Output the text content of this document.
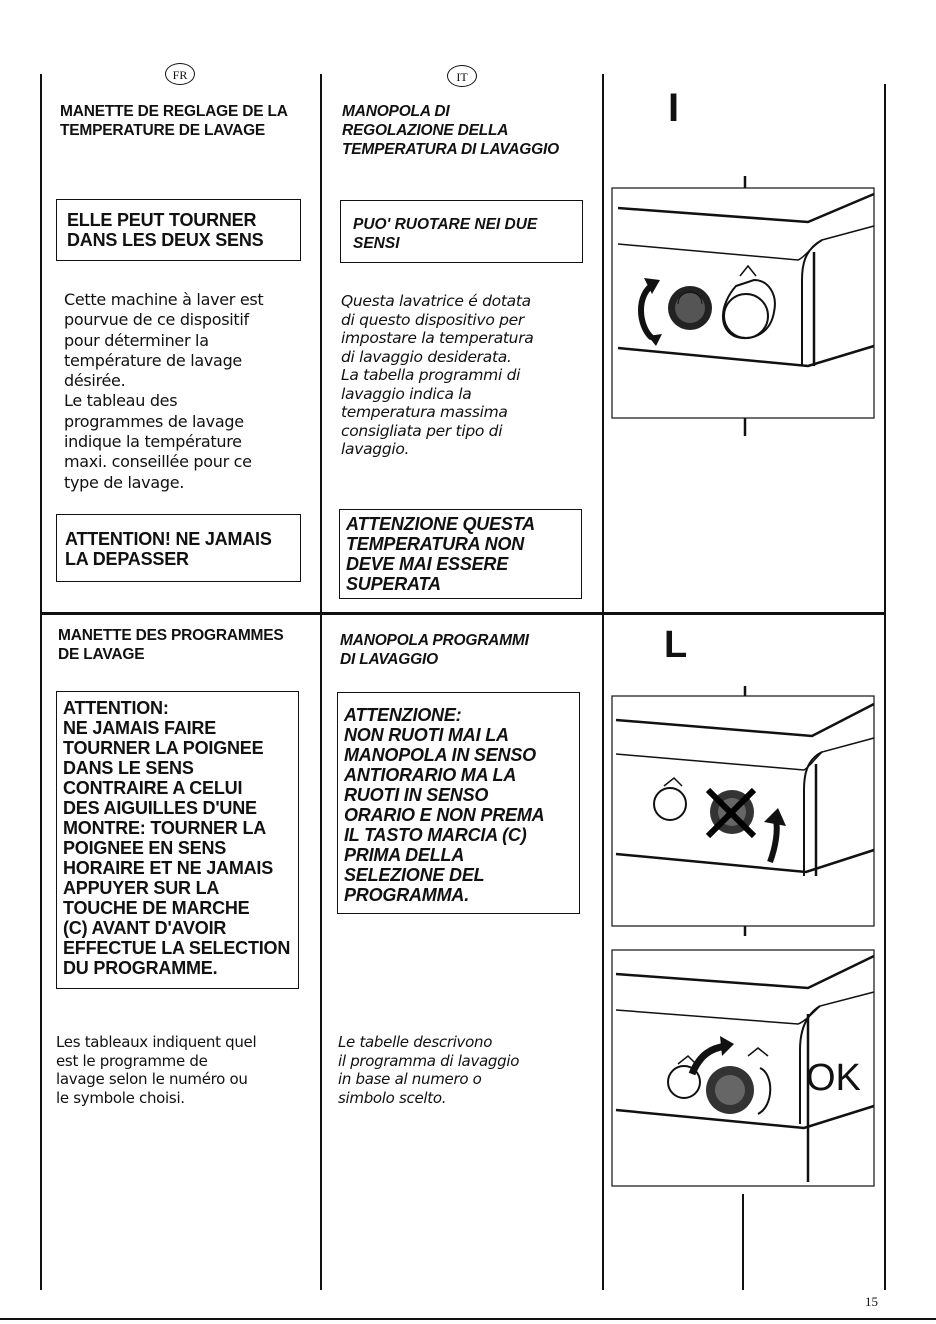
FR	IT
MANETTE DE REGLAGE DE LA
TEMPERATURE DE LAVAGE
ELLE PEUT TOURNER
DANS LES DEUX SENS
Cette machine à laver est
pourvue de ce dispositif
pour déterminer la
température de lavage
désirée.
Le tableau des
programmes de lavage
indique la température
maxi. conseillée pour ce
type de lavage.
ATTENTION! NE JAMAIS
LA DEPASSER
MANOPOLA DI
REGOLAZIONE DELLA
TEMPERATURA DI LAVAGGIO
PUO' RUOTARE NEI DUE
SENSI
Questa lavatrice é dotata
di questo dispositivo per
impostare la temperatura
di lavaggio desiderata.
La tabella programmi di
lavaggio indica la
temperatura massima
consigliata per tipo di
lavaggio.
ATTENZIONE QUESTA
TEMPERATURA NON
DEVE MAI ESSERE
SUPERATA
MANETTE DES PROGRAMMES
DE LAVAGE
ATTENTION:
NE JAMAIS FAIRE
TOURNER LA POIGNEE
DANS LE SENS
CONTRAIRE A CELUI
DES AIGUILLES D'UNE
MONTRE: TOURNER LA
POIGNEE EN SENS
HORAIRE ET NE JAMAIS
APPUYER SUR LA
TOUCHE DE MARCHE
(C) AVANT D'AVOIR
EFFECTUE LA SELECTION
DU PROGRAMME.
Les tableaux indiquent quel
est le programme de
lavage selon le numéro ou
le symbole choisi.
MANOPOLA PROGRAMMI
DI LAVAGGIO
ATTENZIONE:
NON RUOTI MAI LA
MANOPOLA IN SENSO
ANTIORARIO MA LA
RUOTI IN SENSO
ORARIO E NON PREMA
IL TASTO MARCIA (C)
PRIMA DELLA
SELEZIONE DEL
PROGRAMMA.
Le tabelle descrivono
il programma di lavaggio
in base al numero o
simbolo scelto.
I
L
OK
15
